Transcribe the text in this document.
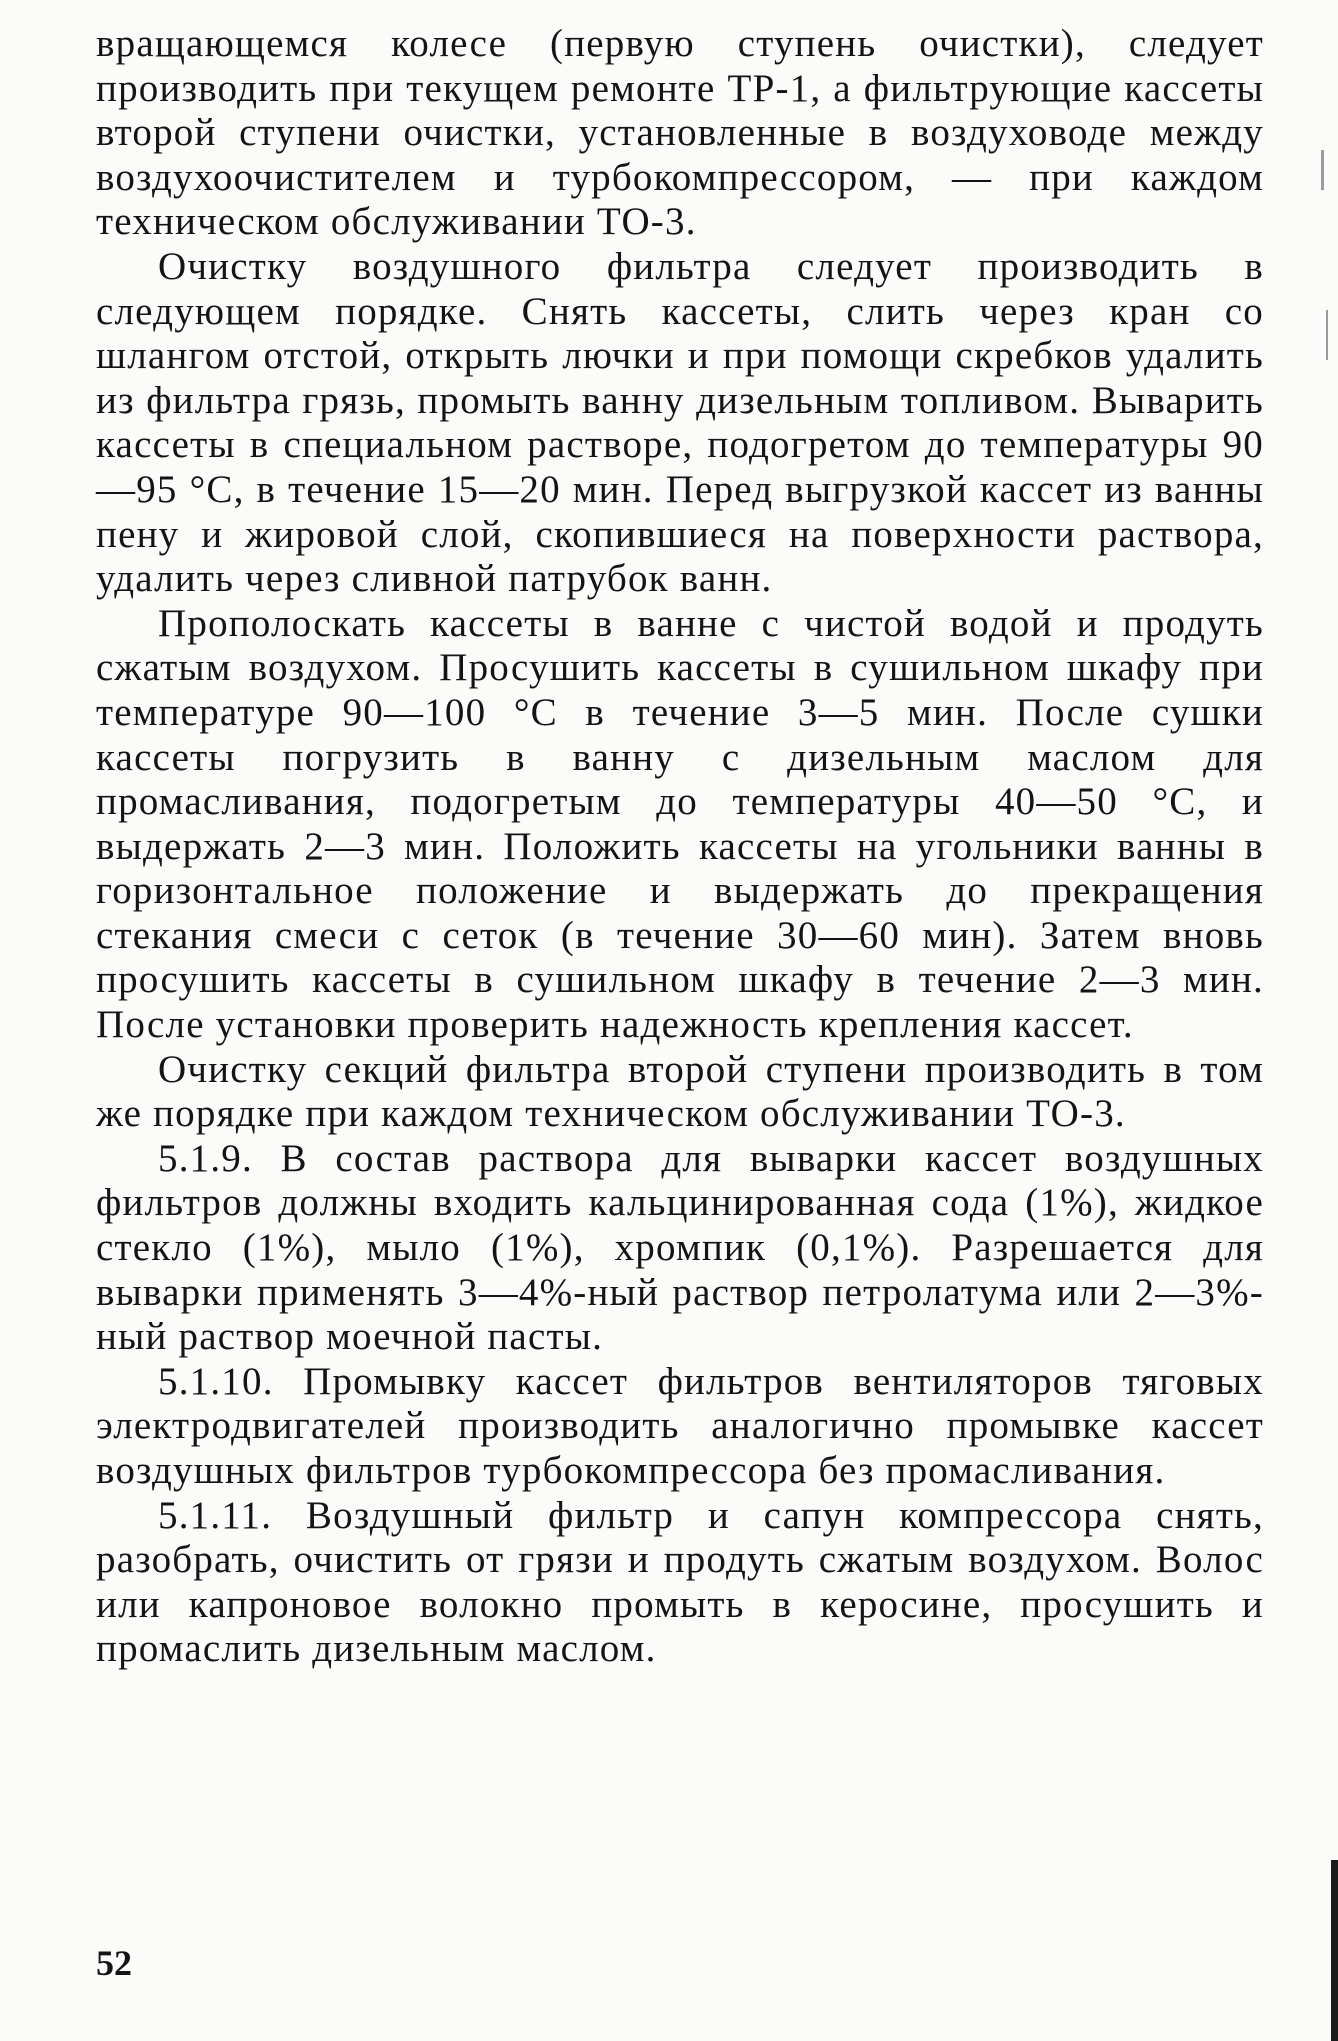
вращающемся колесе (первую ступень очистки), следует производить при текущем ремонте ТР-1, а фильтрующие кассеты второй ступени очистки, установленные в воздуховоде между воздухоочистителем и турбокомпрессором, — при каждом техническом обслуживании ТО-3.

Очистку воздушного фильтра следует производить в следующем порядке. Снять кассеты, слить через кран со шлангом отстой, открыть лючки и при помощи скребков удалить из фильтра грязь, промыть ванну дизельным топливом. Выварить кассеты в специальном растворе, подогретом до температуры 90—95 °С, в течение 15—20 мин. Перед выгрузкой кассет из ванны пену и жировой слой, скопившиеся на поверхности раствора, удалить через сливной патрубок ванн.

Прополоскать кассеты в ванне с чистой водой и продуть сжатым воздухом. Просушить кассеты в сушильном шкафу при температуре 90—100 °С в течение 3—5 мин. После сушки кассеты погрузить в ванну с дизельным маслом для промасливания, подогретым до температуры 40—50 °С, и выдержать 2—3 мин. Положить кассеты на угольники ванны в горизонтальное положение и выдержать до прекращения стекания смеси с сеток (в течение 30—60 мин). Затем вновь просушить кассеты в сушильном шкафу в течение 2—3 мин. После установки проверить надежность крепления кассет.

Очистку секций фильтра второй ступени производить в том же порядке при каждом техническом обслуживании ТО-3.

5.1.9. В состав раствора для выварки кассет воздушных фильтров должны входить кальцинированная сода (1%), жидкое стекло (1%), мыло (1%), хромпик (0,1%). Разрешается для выварки применять 3—4%-ный раствор петролатума или 2—3%-ный раствор моечной пасты.

5.1.10. Промывку кассет фильтров вентиляторов тяговых электродвигателей производить аналогично промывке кассет воздушных фильтров турбокомпрессора без промасливания.

5.1.11. Воздушный фильтр и сапун компрессора снять, разобрать, очистить от грязи и продуть сжатым воздухом. Волос или капроновое волокно промыть в керосине, просушить и промаслить дизельным маслом.

52
